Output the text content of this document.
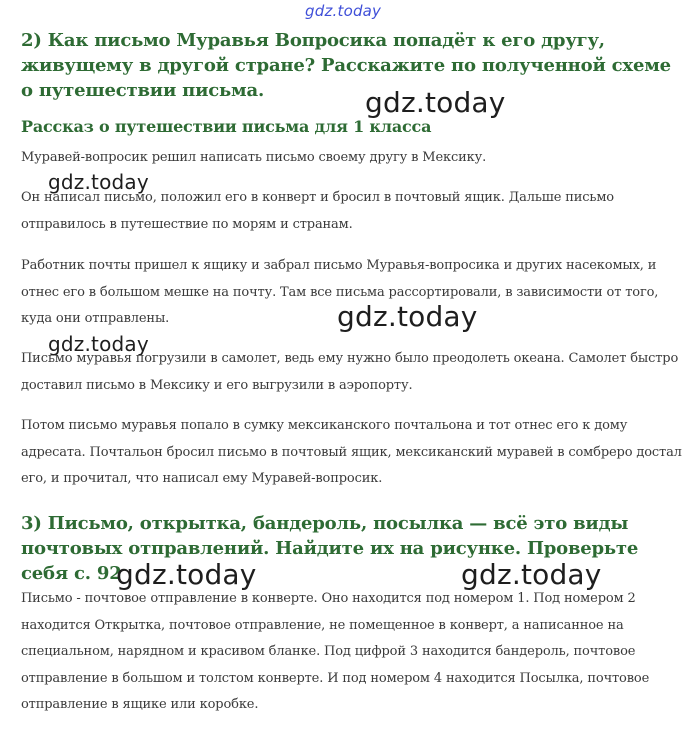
2) Как письмо Муравья Вопросика попадёт к его другу, живущему в другой стране? Расскажите по полученной схеме о путешествии письма.
Рассказ о путешествии письма для 1 класса

Муравей-вопросик решил написать письмо своему другу в Мексику.

Он написал письмо, положил его в конверт и бросил в почтовый ящик. Дальше письмо отправилось в путешествие по морям и странам.

Работник почты пришел к ящику и забрал письмо Муравья-вопросика и других насекомых, и отнес его в большом мешке на почту. Там все письма рассортировали, в зависимости от того, куда они отправлены.

Письмо муравья погрузили в самолет, ведь ему нужно было преодолеть океана. Самолет быстро доставил письмо в Мексику и его выгрузили в аэропорту.

Потом письмо муравья попало в сумку мексиканского почтальона и тот отнес его к дому адресата. Почтальон бросил письмо в почтовый ящик, мексиканский муравей в сомбреро достал его, и прочитал, что написал ему Муравей-вопросик.

3) Письмо, открытка, бандероль, посылка — всё это виды почтовых отправлений. Найдите их на рисунке. Проверьте себя с. 92

Письмо - почтовое отправление в конверте. Оно находится под номером 1. Под номером 2 находится Открытка, почтовое отправление, не помещенное в конверт, а написанное на специальном, нарядном и красивом бланке. Под цифрой 3 находится бандероль, почтовое отправление в большом и толстом конверте. И под номером 4 находится Посылка, почтовое отправление в ящике или коробке.

gdz.today
gdz.today
gdz.today
gdz.today
gdz.today
gdz.today	gdz.today
